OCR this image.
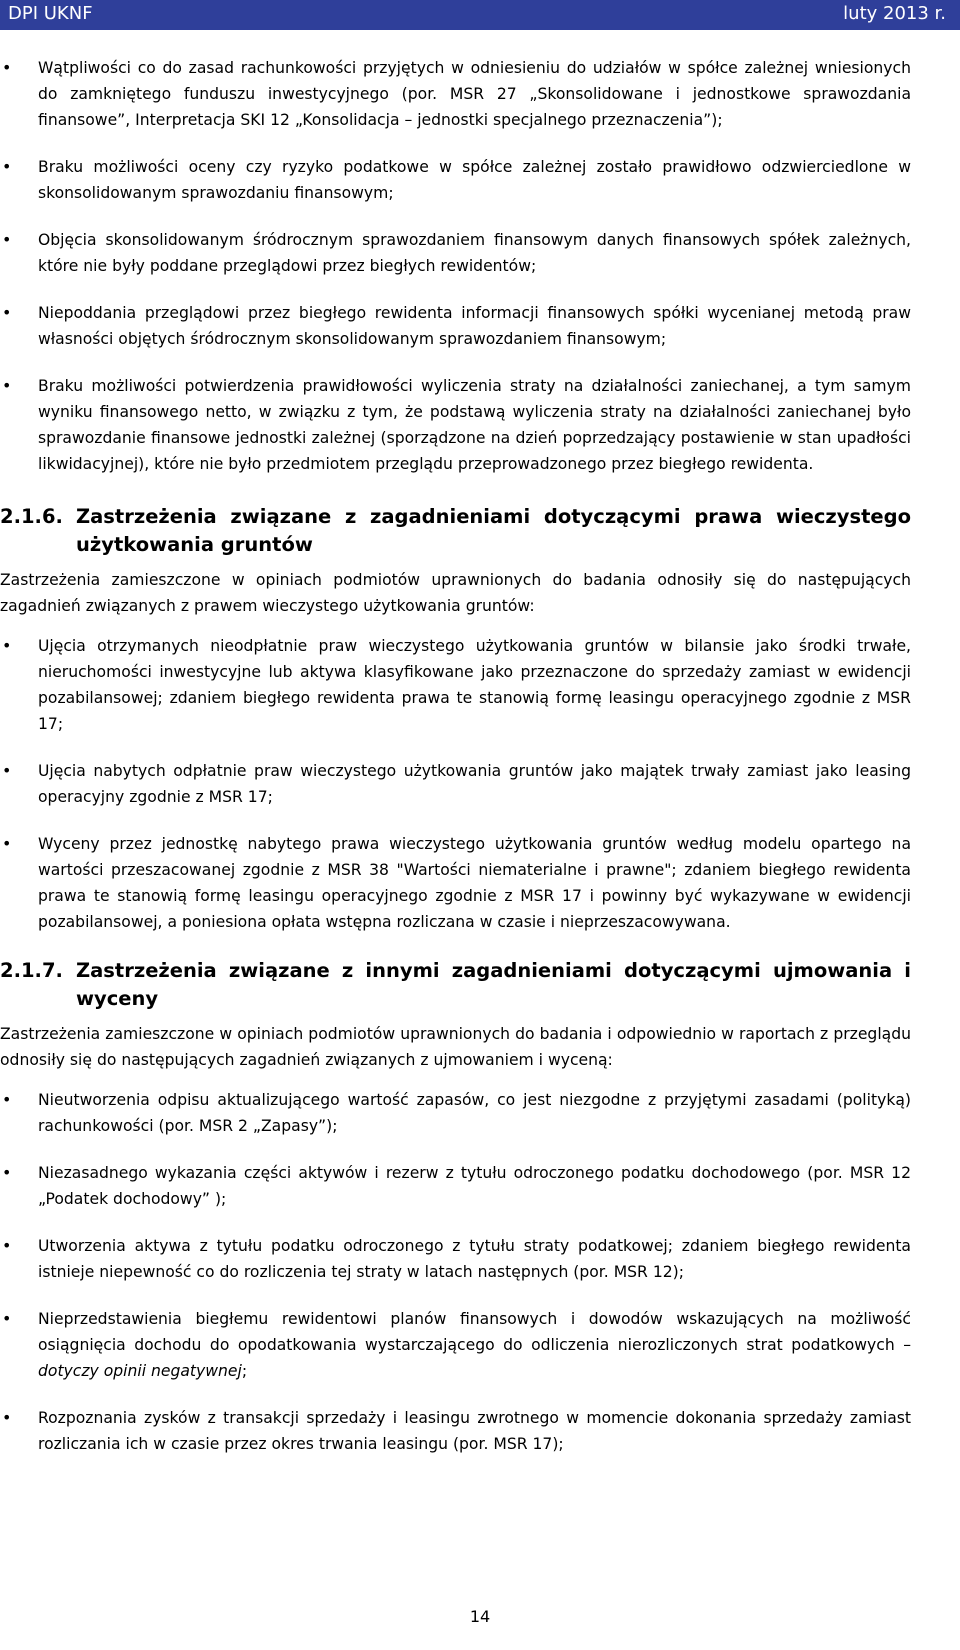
DPI UKNF	luty 2013 r.
• Wątpliwości co do zasad rachunkowości przyjętych w odniesieniu do udziałów w spółce zależnej wniesionych do zamkniętego funduszu inwestycyjnego (por. MSR 27 „Skonsolidowane i jednostkowe sprawozdania finansowe”, Interpretacja SKI 12 „Konsolidacja – jednostki specjalnego przeznaczenia”);
• Braku możliwości oceny czy ryzyko podatkowe w spółce zależnej zostało prawidłowo odzwierciedlone w skonsolidowanym sprawozdaniu finansowym;
• Objęcia skonsolidowanym śródrocznym sprawozdaniem finansowym danych finansowych spółek zależnych, które nie były poddane przeglądowi przez biegłych rewidentów;
• Niepoddania przeglądowi przez biegłego rewidenta informacji finansowych spółki wycenianej metodą praw własności objętych śródrocznym skonsolidowanym sprawozdaniem finansowym;
• Braku możliwości potwierdzenia prawidłowości wyliczenia straty na działalności zaniechanej, a tym samym wyniku finansowego netto, w związku z tym, że podstawą wyliczenia straty na działalności zaniechanej było sprawozdanie finansowe jednostki zależnej (sporządzone na dzień poprzedzający postawienie w stan upadłości likwidacyjnej), które nie było przedmiotem przeglądu przeprowadzonego przez biegłego rewidenta.
2.1.6. Zastrzeżenia związane z zagadnieniami dotyczącymi prawa wieczystego użytkowania gruntów
Zastrzeżenia zamieszczone w opiniach podmiotów uprawnionych do badania odnosiły się do następujących zagadnień związanych z prawem wieczystego użytkowania gruntów:
• Ujęcia otrzymanych nieodpłatnie praw wieczystego użytkowania gruntów w bilansie jako środki trwałe, nieruchomości inwestycyjne lub aktywa klasyfikowane jako przeznaczone do sprzedaży zamiast w ewidencji pozabilansowej; zdaniem biegłego rewidenta prawa te stanowią formę leasingu operacyjnego zgodnie z MSR 17;
• Ujęcia nabytych odpłatnie praw wieczystego użytkowania gruntów jako majątek trwały zamiast jako leasing operacyjny zgodnie z MSR 17;
• Wyceny przez jednostkę nabytego prawa wieczystego użytkowania gruntów według modelu opartego na wartości przeszacowanej zgodnie z MSR 38 "Wartości niematerialne i prawne"; zdaniem biegłego rewidenta prawa te stanowią formę leasingu operacyjnego zgodnie z MSR 17 i powinny być wykazywane w ewidencji pozabilansowej, a poniesiona opłata wstępna rozliczana w czasie i nieprzeszacowywana.
2.1.7. Zastrzeżenia związane z innymi zagadnieniami dotyczącymi ujmowania i wyceny
Zastrzeżenia zamieszczone w opiniach podmiotów uprawnionych do badania i odpowiednio w raportach z przeglądu odnosiły się do następujących zagadnień związanych z ujmowaniem i wyceną:
• Nieutworzenia odpisu aktualizującego wartość zapasów, co jest niezgodne z przyjętymi zasadami (polityką) rachunkowości (por. MSR 2 „Zapasy”);
• Niezasadnego wykazania części aktywów i rezerw z tytułu odroczonego podatku dochodowego (por. MSR 12 „Podatek dochodowy” );
• Utworzenia aktywa z tytułu podatku odroczonego z tytułu straty podatkowej; zdaniem biegłego rewidenta istnieje niepewność co do rozliczenia tej straty w latach następnych (por. MSR 12);
• Nieprzedstawienia biegłemu rewidentowi planów finansowych i dowodów wskazujących na możliwość osiągnięcia dochodu do opodatkowania wystarczającego do odliczenia nierozliczonych strat podatkowych – dotyczy opinii negatywnej;
• Rozpoznania zysków z transakcji sprzedaży i leasingu zwrotnego w momencie dokonania sprzedaży zamiast rozliczania ich w czasie przez okres trwania leasingu (por. MSR 17);
14
